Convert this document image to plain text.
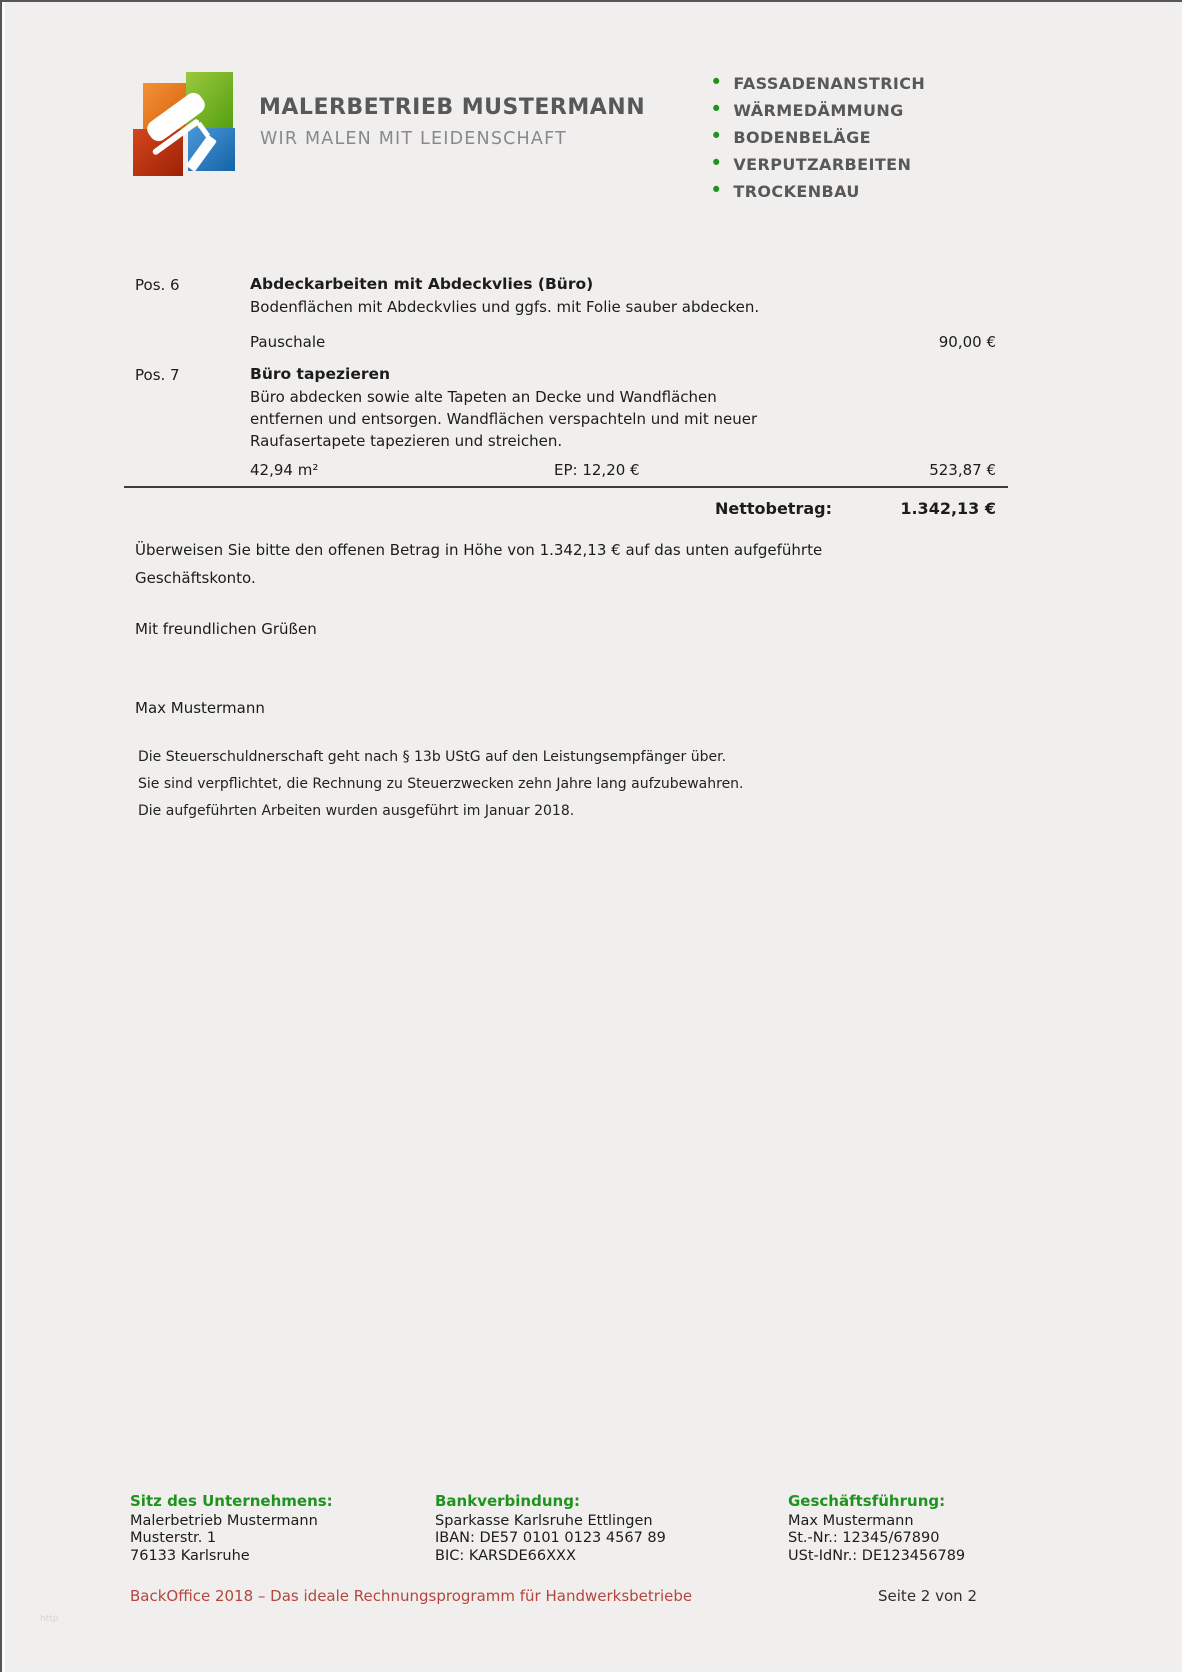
MALERBETRIEB MUSTERMANN
WIR MALEN MIT LEIDENSCHAFT
• FASSADENANSTRICH
• WÄRMEDÄMMUNG
• BODENBELÄGE
• VERPUTZARBEITEN
• TROCKENBAU
Pos. 6	Abdeckarbeiten mit Abdeckvlies (Büro)
Bodenflächen mit Abdeckvlies und ggfs. mit Folie sauber abdecken.
Pauschale	90,00 €
Pos. 7	Büro tapezieren
Büro abdecken sowie alte Tapeten an Decke und Wandflächen
entfernen und entsorgen. Wandflächen verspachteln und mit neuer
Raufasertapete tapezieren und streichen.
42,94 m²	EP: 12,20 €	523,87 €
Nettobetrag:	1.342,13 €
Überweisen Sie bitte den offenen Betrag in Höhe von 1.342,13 € auf das unten aufgeführte
Geschäftskonto.
Mit freundlichen Grüßen
Max Mustermann
Die Steuerschuldnerschaft geht nach § 13b UStG auf den Leistungsempfänger über.
Sie sind verpflichtet, die Rechnung zu Steuerzwecken zehn Jahre lang aufzubewahren.
Die aufgeführten Arbeiten wurden ausgeführt im Januar 2018.
Sitz des Unternehmens:
Malerbetrieb Mustermann
Musterstr. 1
76133 Karlsruhe
Bankverbindung:
Sparkasse Karlsruhe Ettlingen
IBAN: DE57 0101 0123 4567 89
BIC: KARSDE66XXX
Geschäftsführung:
Max Mustermann
St.-Nr.: 12345/67890
USt-IdNr.: DE123456789
BackOffice 2018 – Das ideale Rechnungsprogramm für Handwerksbetriebe	Seite 2 von 2
http
